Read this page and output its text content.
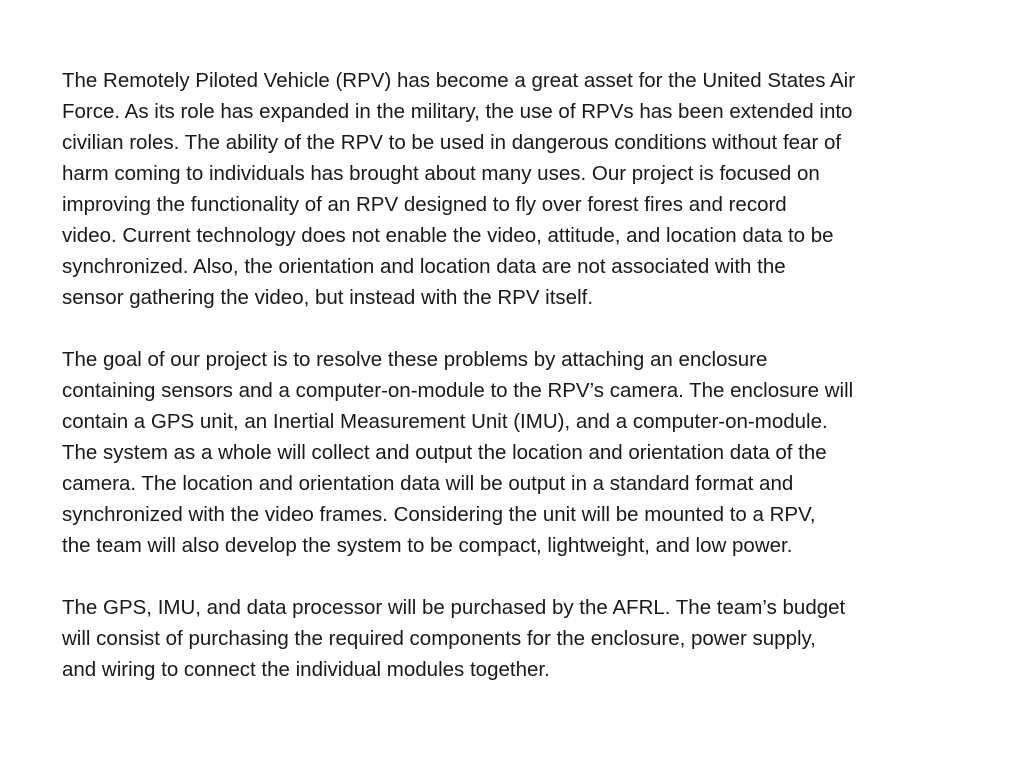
The Remotely Piloted Vehicle (RPV) has become a great asset for the United States Air
Force. As its role has expanded in the military, the use of RPVs has been extended into
civilian roles. The ability of the RPV to be used in dangerous conditions without fear of
harm coming to individuals has brought about many uses. Our project is focused on
improving the functionality of an RPV designed to fly over forest fires and record
video. Current technology does not enable the video, attitude, and location data to be
synchronized. Also, the orientation and location data are not associated with the
sensor gathering the video, but instead with the RPV itself.

The goal of our project is to resolve these problems by attaching an enclosure
containing sensors and a computer-on-module to the RPV’s camera. The enclosure will
contain a GPS unit, an Inertial Measurement Unit (IMU), and a computer-on-module.
The system as a whole will collect and output the location and orientation data of the
camera. The location and orientation data will be output in a standard format and
synchronized with the video frames. Considering the unit will be mounted to a RPV,
the team will also develop the system to be compact, lightweight, and low power.

The GPS, IMU, and data processor will be purchased by the AFRL. The team’s budget
will consist of purchasing the required components for the enclosure, power supply,
and wiring to connect the individual modules together.
